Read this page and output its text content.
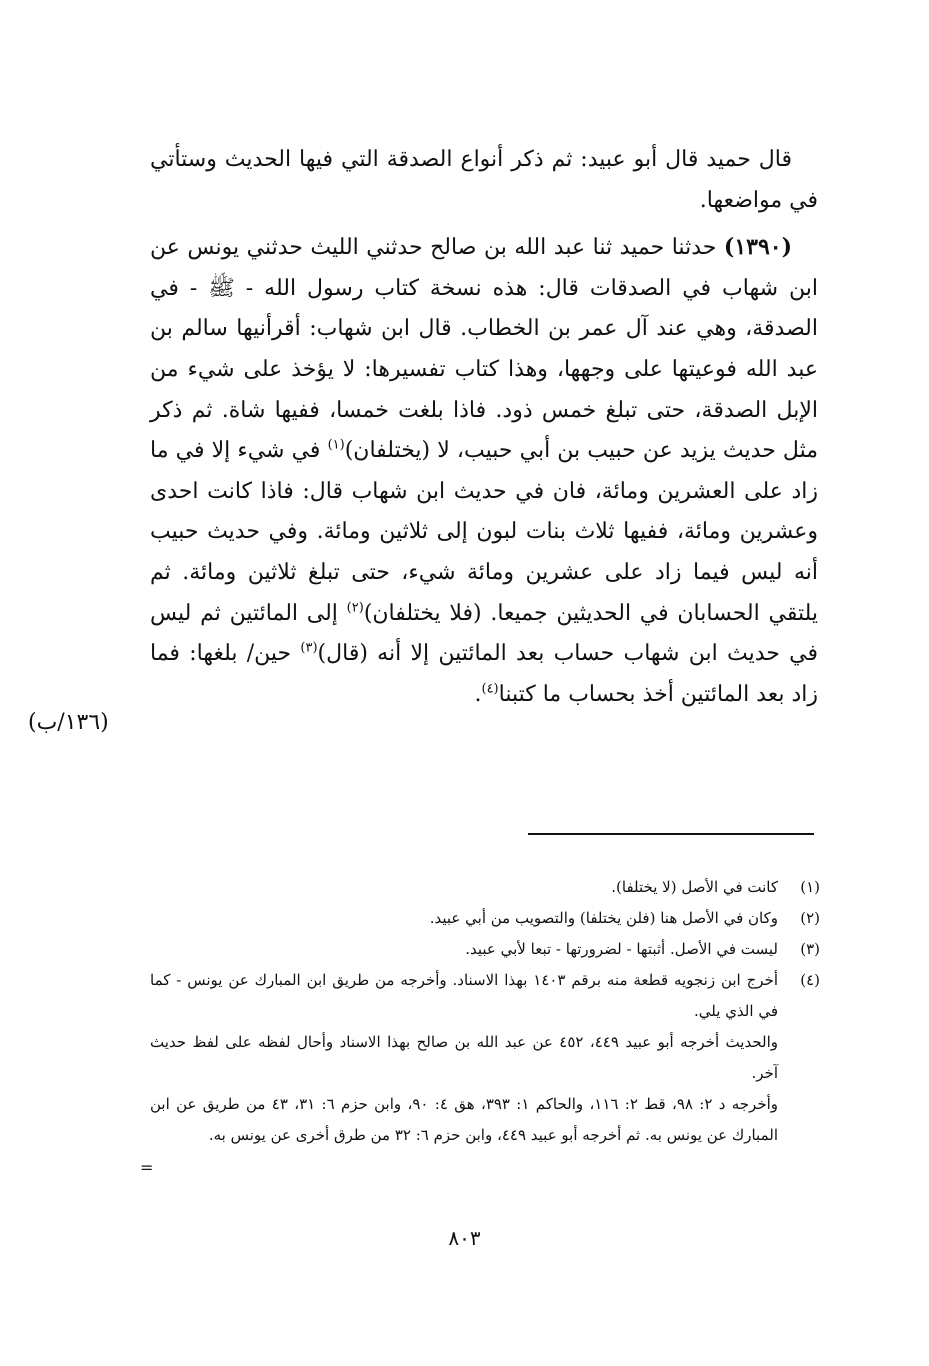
قال حميد قال أبو عبيد: ثم ذكر أنواع الصدقة التي فيها الحديث وستأتي في مواضعها.

(١٣٩٠) حدثنا حميد ثنا عبد الله بن صالح حدثني الليث حدثني يونس عن ابن شهاب في الصدقات قال: هذه نسخة كتاب رسول الله - ﷺ - في الصدقة، وهي عند آل عمر بن الخطاب. قال ابن شهاب: أقرأنيها سالم بن عبد الله فوعيتها على وجهها، وهذا كتاب تفسيرها: لا يؤخذ على شيء من الإبل الصدقة، حتى تبلغ خمس ذود. فاذا بلغت خمسا، ففيها شاة. ثم ذكر مثل حديث يزيد عن حبيب بن أبي حبيب، لا (يختلفان)$^{(١)}$ في شيء إلا في ما زاد على العشرين ومائة، فان في حديث ابن شهاب قال: فاذا كانت احدى وعشرين ومائة، ففيها ثلاث بنات لبون إلى ثلاثين ومائة. وفي حديث حبيب أنه ليس فيما زاد على عشرين ومائة شيء، حتى تبلغ ثلاثين ومائة. ثم يلتقي الحسابان في الحديثين جميعا. (فلا يختلفان)$^{(٢)}$ إلى المائتين ثم ليس في حديث ابن شهاب حساب بعد المائتين إلا أنه (قال)$^{(٣)}$ حين/ بلغها: فما زاد بعد المائتين أخذ بحساب ما كتبنا$^{(٤)}$.

(١٣٦/ب)
(١)
كانت في الأصل (لا يختلفا).
(٢)
وكان في الأصل هنا (فلن يختلفا) والتصويب من أبي عبيد.
(٣)
ليست في الأصل. أثبتها - لضرورتها - تبعا لأبي عبيد.
(٤)
أخرج ابن زنجويه قطعة منه برقم ١٤٠٣ بهذا الاسناد. وأخرجه من طريق ابن المبارك عن يونس - كما في الذي يلي.
والحديث أخرجه أبو عبيد ٤٤٩، ٤٥٢ عن عبد الله بن صالح بهذا الاسناد وأحال لفظه على لفظ حديث آخر.
وأخرجه د ٢: ٩٨، قط ٢: ١١٦، والحاكم ١: ٣٩٣، هق ٤: ٩٠، وابن حزم ٦: ٣١، ٤٣ من طريق عن ابن المبارك عن يونس به. ثم أخرجه أبو عبيد ٤٤٩، وابن حزم ٦: ٣٢ من طرق أخرى عن يونس به.
=
٨٠٣
